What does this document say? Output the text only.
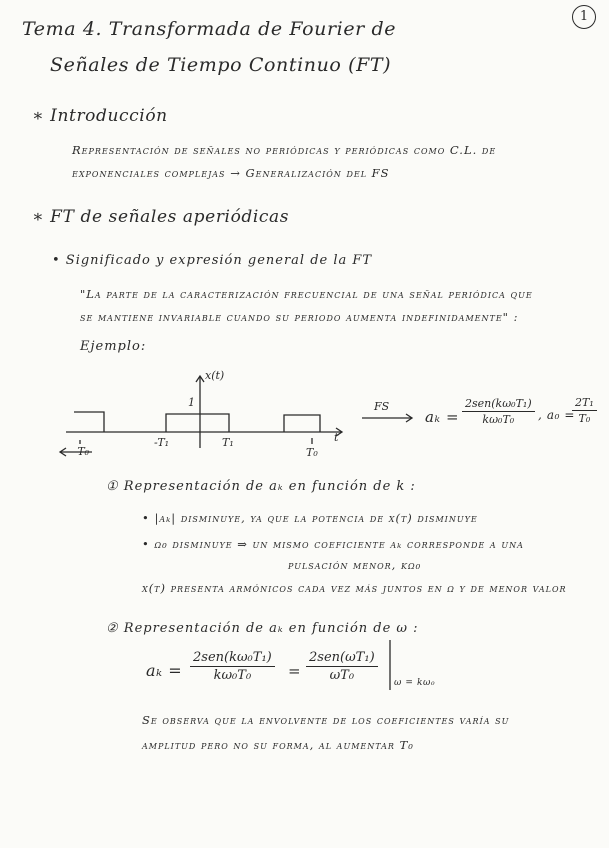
1
Tema 4. Transformada de Fourier de
Señales de Tiempo Continuo (FT)
∗ Introducción
Representación de señales no periódicas y periódicas como C.L. de
exponenciales complejas → Generalización del FS
∗ FT de señales aperiódicas
• Significado y expresión general de la FT
"La parte de la caracterización frecuencial de una señal periódica que
se mantiene invariable cuando su periodo aumenta indefinidamente" :
Ejemplo:
x(t)
1
-T₀
-T₁	T₁
T₀
t
FS
aₖ =
2sen(kω₀T₁)
kω₀T₀	, a₀ =
$\frac{\text{2T₁}}{\text{T₀}}$
① Representación de aₖ en función de k :
• |aₖ| disminuye, ya que la potencia de x(t) disminuye
• ω₀ disminuye ⇒ un mismo coeficiente aₖ corresponde a una
pulsación menor, kω₀
x(t) presenta armónicos cada vez más juntos en ω y de menor valor
② Representación de aₖ en función de ω :
aₖ =
2sen(kω₀T₁)
kω₀T₀	=
2sen(ωT₁)
ωT₀	ω = kω₀
Se observa que la envolvente de los coeficientes varía su
amplitud pero no su forma, al aumentar T₀
